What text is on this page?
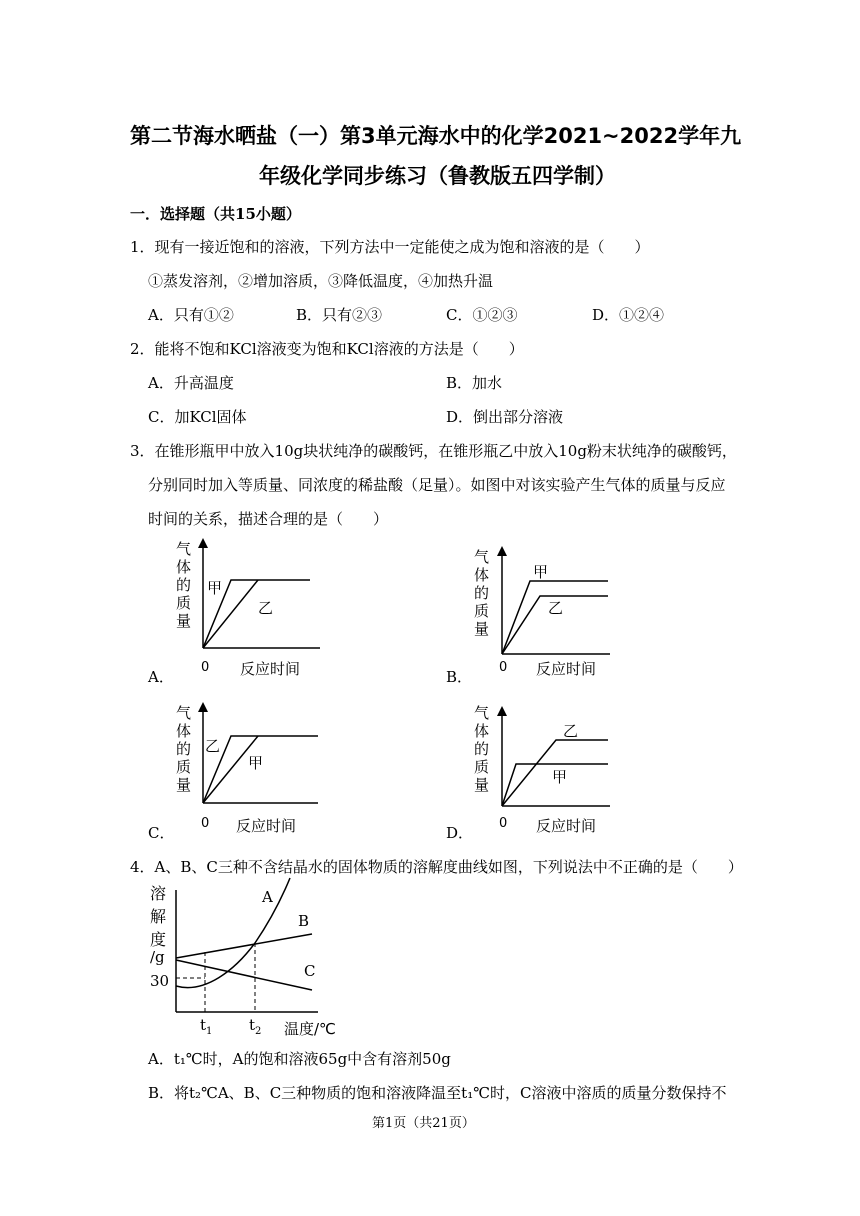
第二节海水晒盐（一）第3单元海水中的化学2021~2022学年九
年级化学同步练习（鲁教版五四学制）
一．选择题（共15小题）
1．现有一接近饱和的溶液，下列方法中一定能使之成为饱和溶液的是（　　）
①蒸发溶剂，②增加溶质，③降低温度，④加热升温
A．只有①②	B．只有②③	C．①②③	D．①②④
2．能将不饱和KCl溶液变为饱和KCl溶液的方法是（　　）
A．升高温度	B．加水
C．加KCl固体	D．倒出部分溶液
3．在锥形瓶甲中放入10g块状纯净的碳酸钙，在锥形瓶乙中放入10g粉末状纯净的碳酸钙，
分别同时加入等质量、同浓度的稀盐酸（足量）。如图中对该实验产生气体的质量与反应
时间的关系，描述合理的是（　　）
A．
气
体
的
质
量
0 反应时间
甲
乙
B．
气
体
的
质
量
0 反应时间
甲
乙
C．
气
体
的
质
量
0 反应时间
乙
甲
D．
气
体
的
质
量
0 反应时间
乙
甲
4．A、B、C三种不含结晶水的固体物质的溶解度曲线如图，下列说法中不正确的是（　　）
溶
解
度
/g
30
$t_1$ $t_2$ 温度/℃
A
B
C
A．t₁℃时，A的饱和溶液65g中含有溶剂50g
B．将t₂℃A、B、C三种物质的饱和溶液降温至t₁℃时，C溶液中溶质的质量分数保持不
第1页（共21页）
